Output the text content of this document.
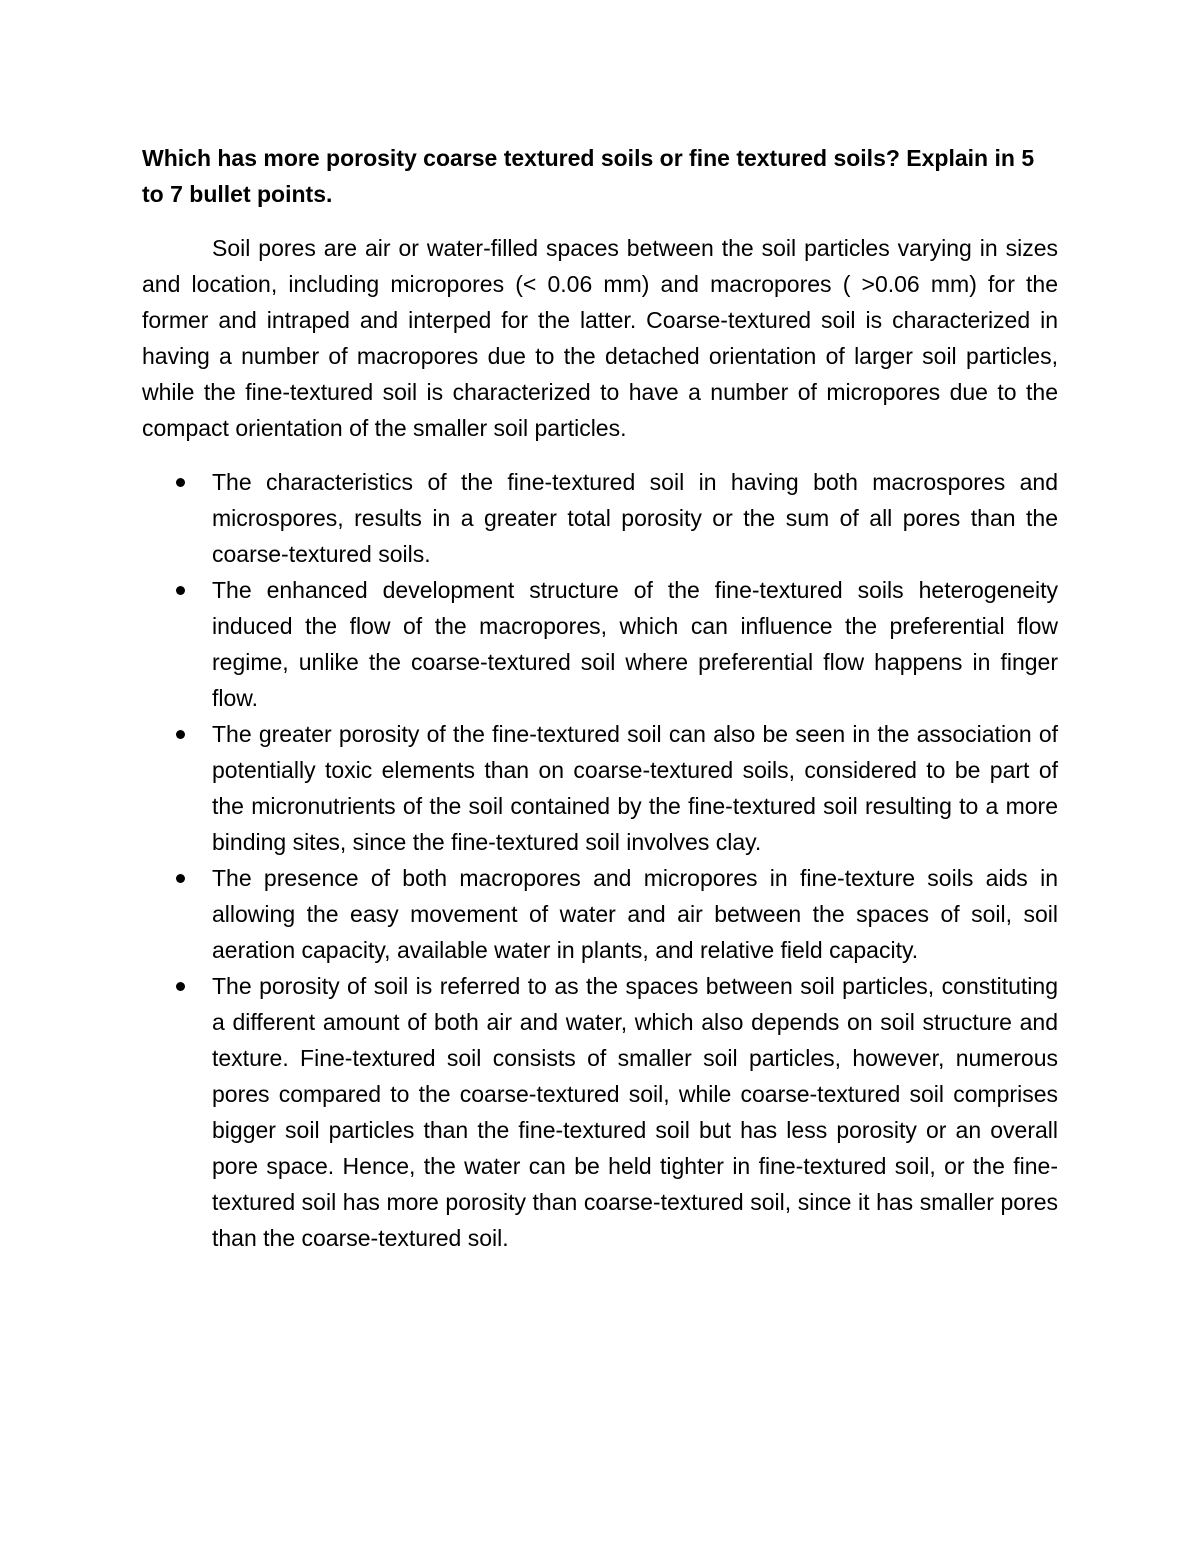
Which has more porosity coarse textured soils or fine textured soils? Explain in 5 to 7 bullet points.

Soil pores are air or water-filled spaces between the soil particles varying in sizes and location, including micropores (< 0.06 mm) and macropores ( >0.06 mm) for the former and intraped and interped for the latter. Coarse-textured soil is characterized in having a number of macropores due to the detached orientation of larger soil particles, while the fine-textured soil is characterized to have a number of micropores due to the compact orientation of the smaller soil particles.

The characteristics of the fine-textured soil in having both macrospores and microspores, results in a greater total porosity or the sum of all pores than the coarse-textured soils.
The enhanced development structure of the fine-textured soils heterogeneity induced the flow of the macropores, which can influence the preferential flow regime, unlike the coarse-textured soil where preferential flow happens in finger flow.
The greater porosity of the fine-textured soil can also be seen in the association of potentially toxic elements than on coarse-textured soils, considered to be part of the micronutrients of the soil contained by the fine-textured soil resulting to a more binding sites, since the fine-textured soil involves clay.
The presence of both macropores and micropores in fine-texture soils aids in allowing the easy movement of water and air between the spaces of soil, soil aeration capacity, available water in plants, and relative field capacity.
The porosity of soil is referred to as the spaces between soil particles, constituting a different amount of both air and water, which also depends on soil structure and texture. Fine-textured soil consists of smaller soil particles, however, numerous pores compared to the coarse-textured soil, while coarse-textured soil comprises bigger soil particles than the fine-textured soil but has less porosity or an overall pore space. Hence, the water can be held tighter in fine-textured soil, or the fine-textured soil has more porosity than coarse-textured soil, since it has smaller pores than the coarse-textured soil.
